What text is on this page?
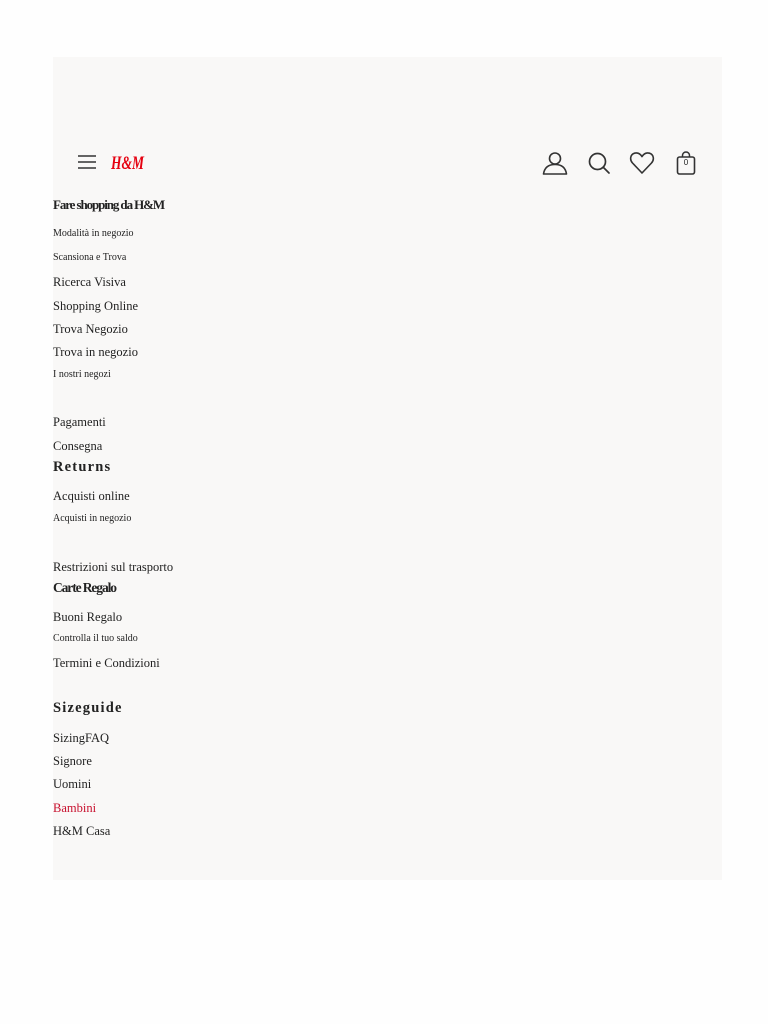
H&M	0
Fare shopping da H&M
Modalità in negozio
Scansiona e Trova
Ricerca Visiva
Shopping Online
Trova Negozio
Trova in negozio
I nostri negozi
Pagamenti
Consegna
Returns
Acquisti online
Acquisti in negozio
Restrizioni sul trasporto
Carte Regalo
Buoni Regalo
Controlla il tuo saldo
Termini e Condizioni
Sizeguide
SizingFAQ
Signore
Uomini
Bambini
H&M Casa
